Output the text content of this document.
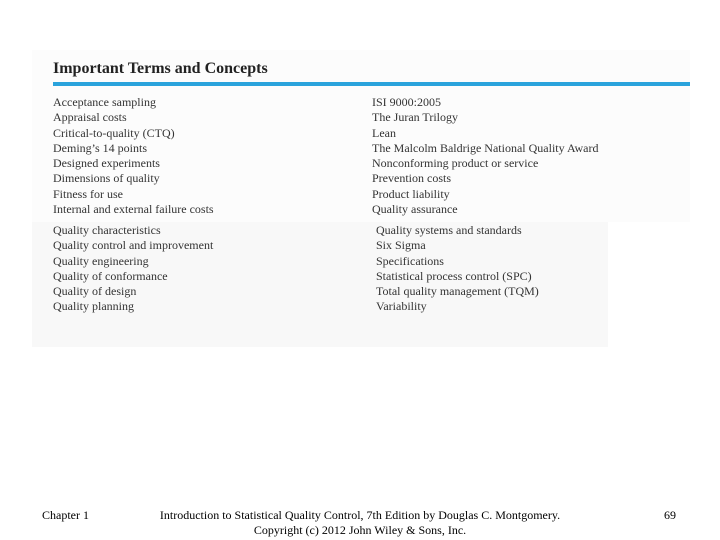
Important Terms and Concepts
Acceptance sampling
Appraisal costs
Critical-to-quality (CTQ)
Deming’s 14 points
Designed experiments
Dimensions of quality
Fitness for use
Internal and external failure costs
ISI 9000:2005
The Juran Trilogy
Lean
The Malcolm Baldrige National Quality Award
Nonconforming product or service
Prevention costs
Product liability
Quality assurance
Quality characteristics
Quality control and improvement
Quality engineering
Quality of conformance
Quality of design
Quality planning
Quality systems and standards
Six Sigma
Specifications
Statistical process control (SPC)
Total quality management (TQM)
Variability
Chapter 1	Introduction to Statistical Quality Control, 7th Edition by Douglas C. Montgomery.
Copyright (c) 2012 John Wiley & Sons, Inc.
69
